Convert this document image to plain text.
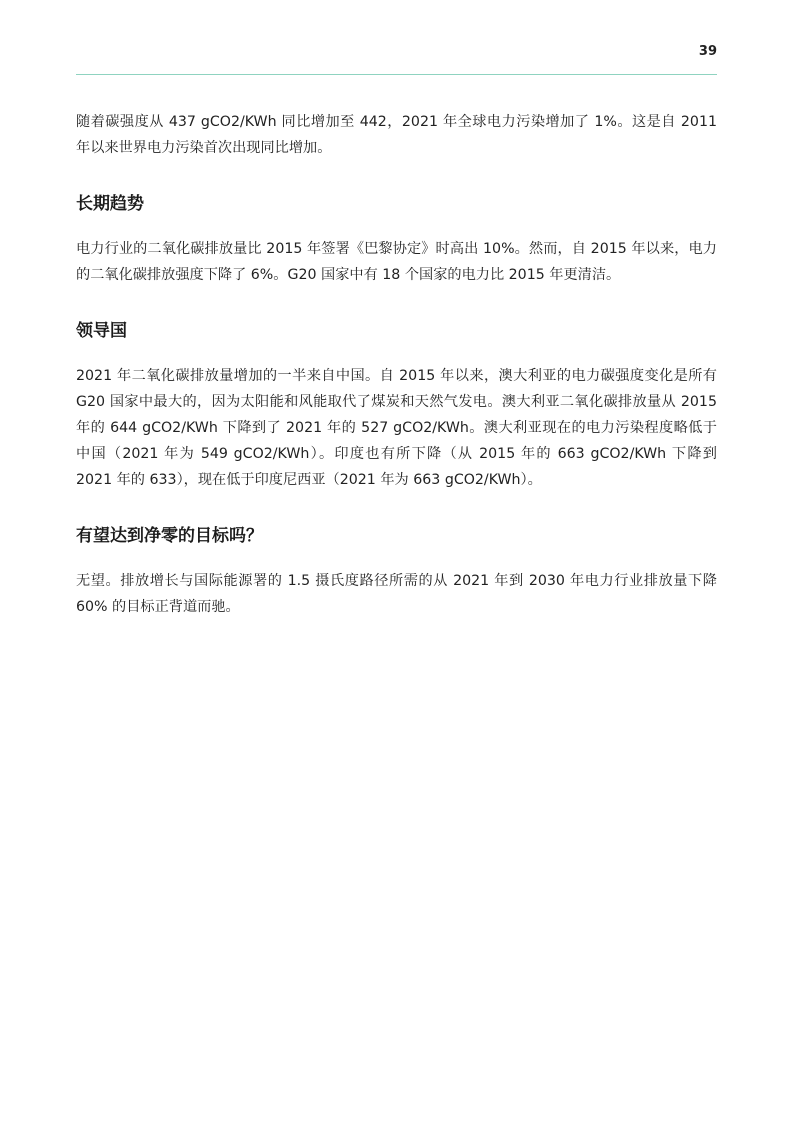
39

随着碳强度从 437 gCO2/KWh 同比增加至 442，2021 年全球电力污染增加了 1%。这是自 2011 年以来世界电力污染首次出现同比增加。

长期趋势

电力行业的二氧化碳排放量比 2015 年签署《巴黎协定》时高出 10%。然而，自 2015 年以来，电力的二氧化碳排放强度下降了 6%。G20 国家中有 18 个国家的电力比 2015 年更清洁。

领导国

2021 年二氧化碳排放量增加的一半来自中国。自 2015 年以来，澳大利亚的电力碳强度变化是所有 G20 国家中最大的，因为太阳能和风能取代了煤炭和天然气发电。澳大利亚二氧化碳排放量从 2015 年的 644 gCO2/KWh 下降到了 2021 年的 527 gCO2/KWh。澳大利亚现在的电力污染程度略低于中国（2021 年为 549 gCO2/KWh）。印度也有所下降（从 2015 年的 663 gCO2/KWh 下降到 2021 年的 633），现在低于印度尼西亚（2021 年为 663 gCO2/KWh）。

有望达到净零的目标吗？

无望。排放增长与国际能源署的 1.5 摄氏度路径所需的从 2021 年到 2030 年电力行业排放量下降 60% 的目标正背道而驰。
